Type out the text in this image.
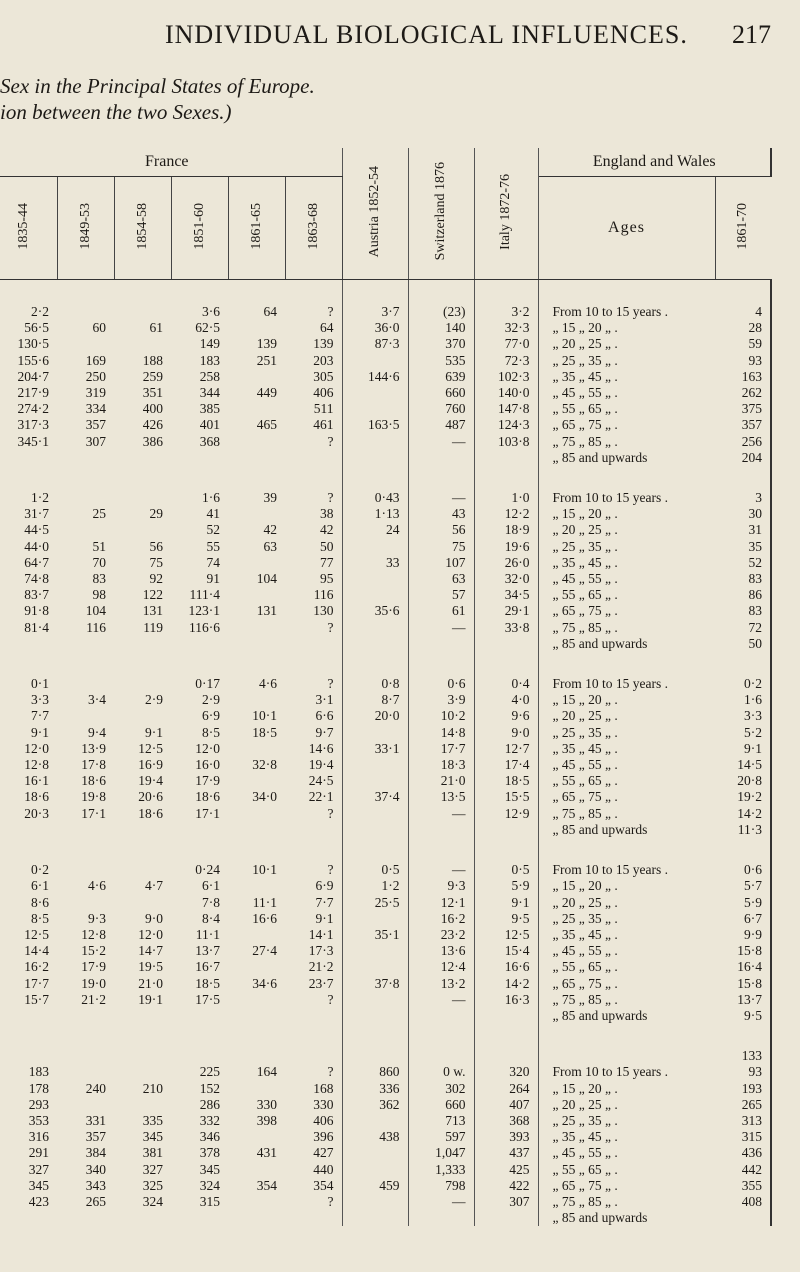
INDIVIDUAL BIOLOGICAL INFLUENCES. 217
Sex in the Principal States of Europe.
ion between the two Sexes.)
France						Austria 1852-54	Switzerland 1876	Italy 1872-76	England and Wales	
1835-44	1849-53	1854-58	1851-60	1861-65	1863-68				Ages	1861-70

2·2			3·6	64	?	3·7	(23)	3·2	From 10 to 15 years .	4
56·5	60	61	62·5		64	36·0	140	32·3	„ 15 „ 20 „ .	28
130·5			149	139	139	87·3	370	77·0	„ 20 „ 25 „ .	59
155·6	169	188	183	251	203		535	72·3	„ 25 „ 35 „ .	93
204·7	250	259	258		305	144·6	639	102·3	„ 35 „ 45 „ .	163
217·9	319	351	344	449	406		660	140·0	„ 45 „ 55 „ .	262
274·2	334	400	385		511		760	147·8	„ 55 „ 65 „ .	375
317·3	357	426	401	465	461	163·5	487	124·3	„ 65 „ 75 „ .	357
345·1	307	386	368		?		—	103·8	„ 75 „ 85 „ .	256
									„ 85 and upwards	204

1·2			1·6	39	?	0·43	—	1·0	From 10 to 15 years .	3
31·7	25	29	41		38	1·13	43	12·2	„ 15 „ 20 „ .	30
44·5			52	42	42	24	56	18·9	„ 20 „ 25 „ .	31
44·0	51	56	55	63	50		75	19·6	„ 25 „ 35 „ .	35
64·7	70	75	74		77	33	107	26·0	„ 35 „ 45 „ .	52
74·8	83	92	91	104	95		63	32·0	„ 45 „ 55 „ .	83
83·7	98	122	111·4		116		57	34·5	„ 55 „ 65 „ .	86
91·8	104	131	123·1	131	130	35·6	61	29·1	„ 65 „ 75 „ .	83
81·4	116	119	116·6		?		—	33·8	„ 75 „ 85 „ .	72
									„ 85 and upwards	50

0·1			0·17	4·6	?	0·8	0·6	0·4	From 10 to 15 years .	0·2
3·3	3·4	2·9	2·9		3·1	8·7	3·9	4·0	„ 15 „ 20 „ .	1·6
7·7			6·9	10·1	6·6	20·0	10·2	9·6	„ 20 „ 25 „ .	3·3
9·1	9·4	9·1	8·5	18·5	9·7		14·8	9·0	„ 25 „ 35 „ .	5·2
12·0	13·9	12·5	12·0		14·6	33·1	17·7	12·7	„ 35 „ 45 „ .	9·1
12·8	17·8	16·9	16·0	32·8	19·4		18·3	17·4	„ 45 „ 55 „ .	14·5
16·1	18·6	19·4	17·9		24·5		21·0	18·5	„ 55 „ 65 „ .	20·8
18·6	19·8	20·6	18·6	34·0	22·1	37·4	13·5	15·5	„ 65 „ 75 „ .	19·2
20·3	17·1	18·6	17·1		?		—	12·9	„ 75 „ 85 „ .	14·2
									„ 85 and upwards	11·3

0·2			0·24	10·1	?	0·5	—	0·5	From 10 to 15 years .	0·6
6·1	4·6	4·7	6·1		6·9	1·2	9·3	5·9	„ 15 „ 20 „ .	5·7
8·6			7·8	11·1	7·7	25·5	12·1	9·1	„ 20 „ 25 „ .	5·9
8·5	9·3	9·0	8·4	16·6	9·1		16·2	9·5	„ 25 „ 35 „ .	6·7
12·5	12·8	12·0	11·1		14·1	35·1	23·2	12·5	„ 35 „ 45 „ .	9·9
14·4	15·2	14·7	13·7	27·4	17·3		13·6	15·4	„ 45 „ 55 „ .	15·8
16·2	17·9	19·5	16·7		21·2		12·4	16·6	„ 55 „ 65 „ .	16·4
17·7	19·0	21·0	18·5	34·6	23·7	37·8	13·2	14·2	„ 65 „ 75 „ .	15·8
15·7	21·2	19·1	17·5		?		—	16·3	„ 75 „ 85 „ .	13·7
									„ 85 and upwards	9·5

										133
183			225	164	?	860	0 w.	320	From 10 to 15 years .	93
178	240	210	152		168	336	302	264	„ 15 „ 20 „ .	193
293			286	330	330	362	660	407	„ 20 „ 25 „ .	265
353	331	335	332	398	406		713	368	„ 25 „ 35 „ .	313
316	357	345	346		396	438	597	393	„ 35 „ 45 „ .	315
291	384	381	378	431	427		1,047	437	„ 45 „ 55 „ .	436
327	340	327	345		440		1,333	425	„ 55 „ 65 „ .	442
345	343	325	324	354	354	459	798	422	„ 65 „ 75 „ .	355
423	265	324	315		?		—	307	„ 75 „ 85 „ .	408
									„ 85 and upwards	
